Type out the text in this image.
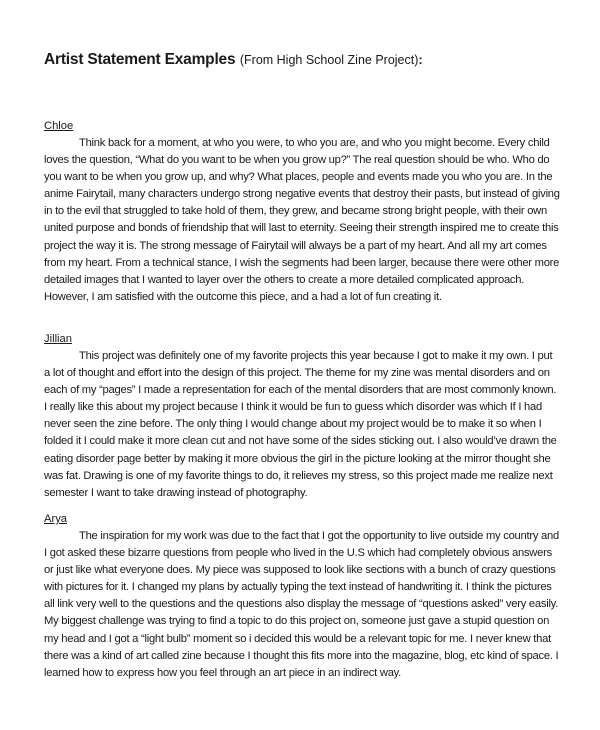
Artist Statement Examples (From High School Zine Project):
Chloe

Think back for a moment, at who you were, to who you are, and who you might become. Every child loves the question, “What do you want to be when you grow up?” The real question should be who. Who do you want to be when you grow up, and why? What places, people and events made you who you are. In the anime Fairytail, many characters undergo strong negative events that destroy their pasts, but instead of giving in to the evil that struggled to take hold of them, they grew, and became strong bright people, with their own united purpose and bonds of friendship that will last to eternity. Seeing their strength inspired me to create this project the way it is. The strong message of Fairytail will always be a part of my heart. And all my art comes from my heart. From a technical stance, I wish the segments had been larger, because there were other more detailed images that I wanted to layer over the others to create a more detailed complicated approach. However, I am satisfied with the outcome this piece, and a had a lot of fun creating it.

Jillian

This project was definitely one of my favorite projects this year because I got to make it my own. I put a lot of thought and effort into the design of this project. The theme for my zine was mental disorders and on each of my “pages” I made a representation for each of the mental disorders that are most commonly known. I really like this about my project because I think it would be fun to guess which disorder was which If I had never seen the zine before. The only thing I would change about my project would be to make it so when I folded it I could make it more clean cut and not have some of the sides sticking out. I also would’ve drawn the eating disorder page better by making it more obvious the girl in the picture looking at the mirror thought she was fat. Drawing is one of my favorite things to do, it relieves my stress, so this project made me realize next semester I want to take drawing instead of photography.

Arya

The inspiration for my work was due to the fact that I got the opportunity to live outside my country and I got asked these bizarre questions from people who lived in the U.S which had completely obvious answers or just like what everyone does. My piece was supposed to look like sections with a bunch of crazy questions with pictures for it. I changed my plans by actually typing the text instead of handwriting it. I think the pictures all link very well to the questions and the questions also display the message of “questions asked” very easily. My biggest challenge was trying to find a topic to do this project on, someone just gave a stupid question on my head and I got a “light bulb” moment so i decided this would be a relevant topic for me. I never knew that there was a kind of art called zine because I thought this fits more into the magazine, blog, etc kind of space. I learned how to express how you feel through an art piece in an indirect way.
